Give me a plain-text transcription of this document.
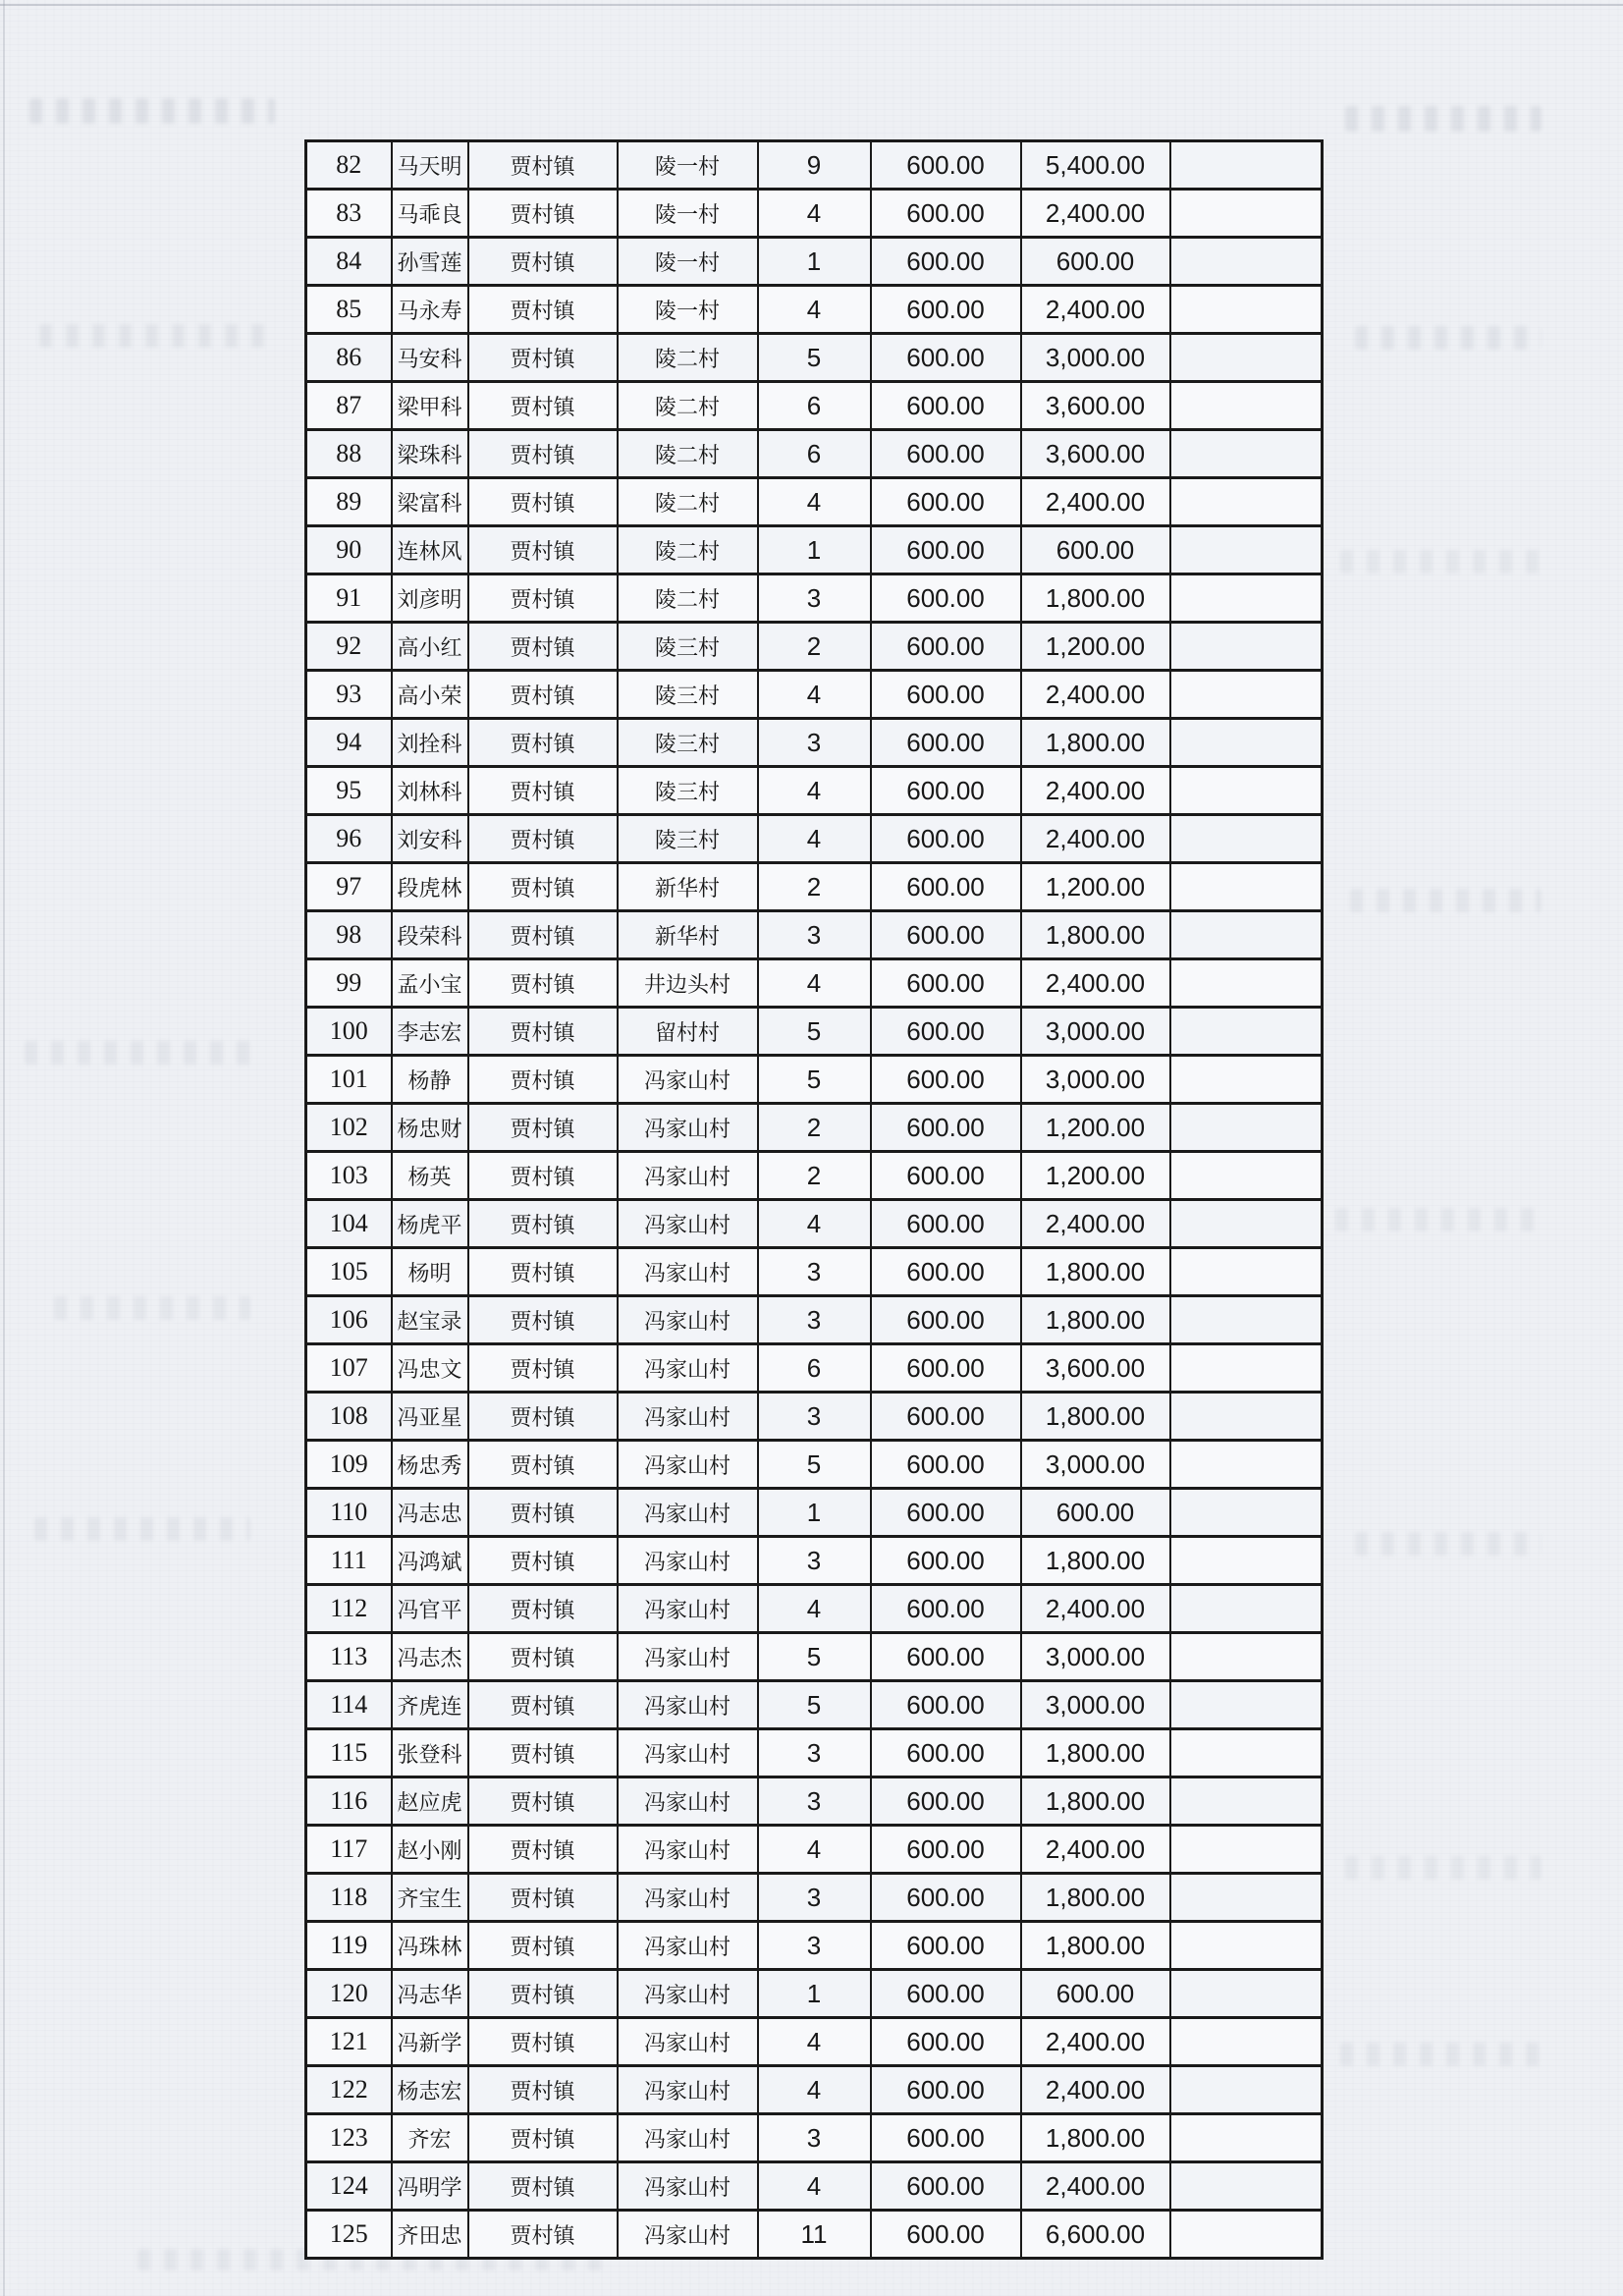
82	马天明	贾村镇	陵一村	9	600.00	5,400.00	
83	马乖良	贾村镇	陵一村	4	600.00	2,400.00	
84	孙雪莲	贾村镇	陵一村	1	600.00	600.00	
85	马永寿	贾村镇	陵一村	4	600.00	2,400.00	
86	马安科	贾村镇	陵二村	5	600.00	3,000.00	
87	梁甲科	贾村镇	陵二村	6	600.00	3,600.00	
88	梁珠科	贾村镇	陵二村	6	600.00	3,600.00	
89	梁富科	贾村镇	陵二村	4	600.00	2,400.00	
90	连林风	贾村镇	陵二村	1	600.00	600.00	
91	刘彦明	贾村镇	陵二村	3	600.00	1,800.00	
92	高小红	贾村镇	陵三村	2	600.00	1,200.00	
93	高小荣	贾村镇	陵三村	4	600.00	2,400.00	
94	刘拴科	贾村镇	陵三村	3	600.00	1,800.00	
95	刘林科	贾村镇	陵三村	4	600.00	2,400.00	
96	刘安科	贾村镇	陵三村	4	600.00	2,400.00	
97	段虎林	贾村镇	新华村	2	600.00	1,200.00	
98	段荣科	贾村镇	新华村	3	600.00	1,800.00	
99	孟小宝	贾村镇	井边头村	4	600.00	2,400.00	
100	李志宏	贾村镇	留村村	5	600.00	3,000.00	
101	杨静	贾村镇	冯家山村	5	600.00	3,000.00	
102	杨忠财	贾村镇	冯家山村	2	600.00	1,200.00	
103	杨英	贾村镇	冯家山村	2	600.00	1,200.00	
104	杨虎平	贾村镇	冯家山村	4	600.00	2,400.00	
105	杨明	贾村镇	冯家山村	3	600.00	1,800.00	
106	赵宝录	贾村镇	冯家山村	3	600.00	1,800.00	
107	冯忠文	贾村镇	冯家山村	6	600.00	3,600.00	
108	冯亚星	贾村镇	冯家山村	3	600.00	1,800.00	
109	杨忠秀	贾村镇	冯家山村	5	600.00	3,000.00	
110	冯志忠	贾村镇	冯家山村	1	600.00	600.00	
111	冯鸿斌	贾村镇	冯家山村	3	600.00	1,800.00	
112	冯官平	贾村镇	冯家山村	4	600.00	2,400.00	
113	冯志杰	贾村镇	冯家山村	5	600.00	3,000.00	
114	齐虎连	贾村镇	冯家山村	5	600.00	3,000.00	
115	张登科	贾村镇	冯家山村	3	600.00	1,800.00	
116	赵应虎	贾村镇	冯家山村	3	600.00	1,800.00	
117	赵小刚	贾村镇	冯家山村	4	600.00	2,400.00	
118	齐宝生	贾村镇	冯家山村	3	600.00	1,800.00	
119	冯珠林	贾村镇	冯家山村	3	600.00	1,800.00	
120	冯志华	贾村镇	冯家山村	1	600.00	600.00	
121	冯新学	贾村镇	冯家山村	4	600.00	2,400.00	
122	杨志宏	贾村镇	冯家山村	4	600.00	2,400.00	
123	齐宏	贾村镇	冯家山村	3	600.00	1,800.00	
124	冯明学	贾村镇	冯家山村	4	600.00	2,400.00	
125	齐田忠	贾村镇	冯家山村	11	600.00	6,600.00	
